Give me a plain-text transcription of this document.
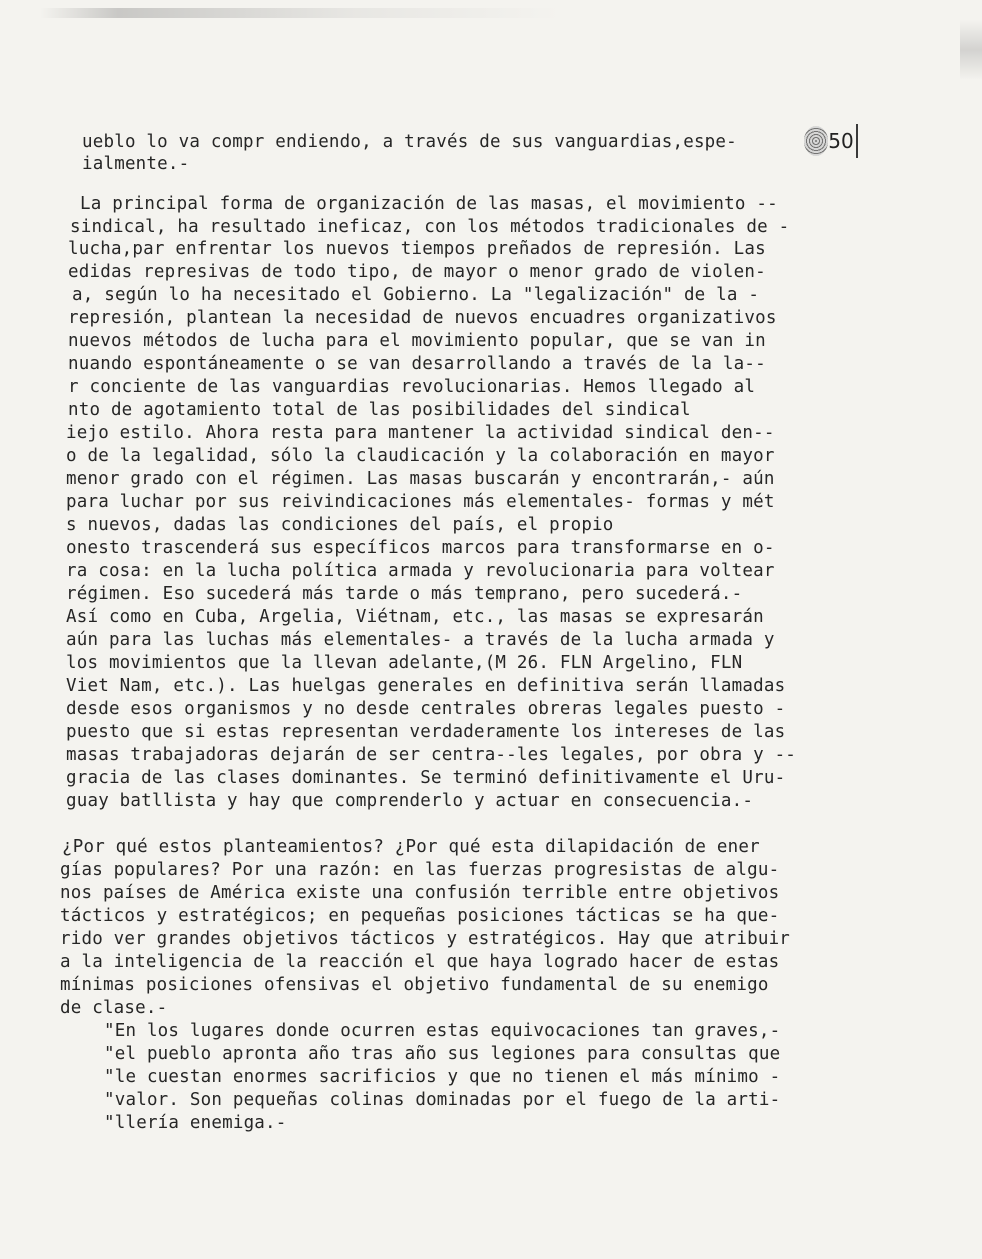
50
ueblo lo va compr endiendo, a través de sus vanguardias,espe-
ialmente.-
La principal forma de organización de las masas, el movimiento --
sindical, ha resultado ineficaz, con los métodos tradicionales de -
lucha,par enfrentar los nuevos tiempos preñados de represión. Las
edidas represivas de todo tipo, de mayor o menor grado de violen-
a, según lo ha necesitado el Gobierno. La "legalización" de la -
represión, plantean la necesidad de nuevos encuadres organizativos
nuevos métodos de lucha para el movimiento popular, que se van in
nuando espontáneamente o se van desarrollando a través de la la--
r conciente de las vanguardias revolucionarias. Hemos llegado al
nto de agotamiento total de las posibilidades del sindical
iejo estilo. Ahora resta para mantener la actividad sindical den--
o de la legalidad, sólo la claudicación y la colaboración en mayor
menor grado con el régimen. Las masas buscarán y encontrarán,- aún
para luchar por sus reivindicaciones más elementales- formas y mét
s nuevos, dadas las condiciones del país, el propio
onesto trascenderá sus específicos marcos para transformarse en o-
ra cosa: en la lucha política armada y revolucionaria para voltear
régimen. Eso sucederá más tarde o más temprano, pero sucederá.-
Así como en Cuba, Argelia, Viétnam, etc., las masas se expresarán
aún para las luchas más elementales- a través de la lucha armada y
los movimientos que la llevan adelante,(M 26. FLN Argelino, FLN
Viet Nam, etc.). Las huelgas generales en definitiva serán llamadas
desde esos organismos y no desde centrales obreras legales puesto -
puesto que si estas representan verdaderamente los intereses de las
masas trabajadoras dejarán de ser centra--les legales, por obra y --
gracia de las clases dominantes. Se terminó definitivamente el Uru-
guay batllista y hay que comprenderlo y actuar en consecuencia.-
¿Por qué estos planteamientos? ¿Por qué esta dilapidación de ener
gías populares? Por una razón: en las fuerzas progresistas de algu-
nos países de América existe una confusión terrible entre objetivos
tácticos y estratégicos; en pequeñas posiciones tácticas se ha que-
rido ver grandes objetivos tácticos y estratégicos. Hay que atribuir
a la inteligencia de la reacción el que haya logrado hacer de estas
mínimas posiciones ofensivas el objetivo fundamental de su enemigo
de clase.-
"En los lugares donde ocurren estas equivocaciones tan graves,-
"el pueblo apronta año tras año sus legiones para consultas que
"le cuestan enormes sacrificios y que no tienen el más mínimo -
"valor. Son pequeñas colinas dominadas por el fuego de la arti-
"llería enemiga.-
